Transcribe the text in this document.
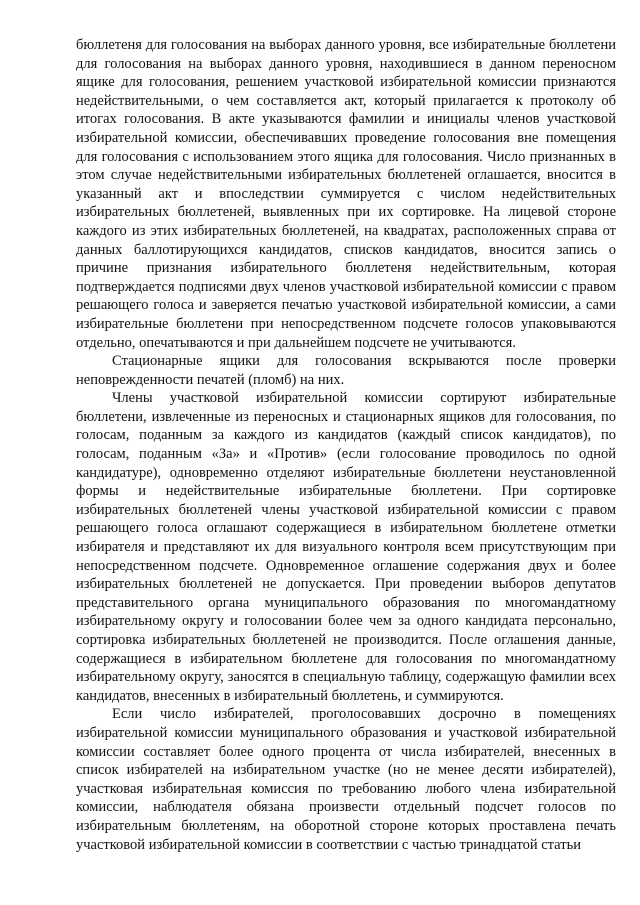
бюллетеня для голосования на выборах данного уровня, все избирательные бюллетени для голосования на выборах данного уровня, находившиеся в данном переносном ящике для голосования, решением участковой избирательной комиссии признаются недействительными, о чем составляется акт, который прилагается к протоколу об итогах голосования. В акте указываются фамилии и инициалы членов участковой избирательной комиссии, обеспечивавших проведение голосования вне помещения для голосования с использованием этого ящика для голосования. Число признанных в этом случае недействительными избирательных бюллетеней оглашается, вносится в указанный акт и впоследствии суммируется с числом недействительных избирательных бюллетеней, выявленных при их сортировке. На лицевой стороне каждого из этих избирательных бюллетеней, на квадратах, расположенных справа от данных баллотирующихся кандидатов, списков кандидатов, вносится запись о причине признания избирательного бюллетеня недействительным, которая подтверждается подписями двух членов участковой избирательной комиссии с правом решающего голоса и заверяется печатью участковой избирательной комиссии, а сами избирательные бюллетени при непосредственном подсчете голосов упаковываются отдельно, опечатываются и при дальнейшем подсчете не учитываются.

Стационарные ящики для голосования вскрываются после проверки неповрежденности печатей (пломб) на них.

Члены участковой избирательной комиссии сортируют избирательные бюллетени, извлеченные из переносных и стационарных ящиков для голосования, по голосам, поданным за каждого из кандидатов (каждый список кандидатов), по голосам, поданным «За» и «Против» (если голосование проводилось по одной кандидатуре), одновременно отделяют избирательные бюллетени неустановленной формы и недействительные избирательные бюллетени. При сортировке избирательных бюллетеней члены участковой избирательной комиссии с правом решающего голоса оглашают содержащиеся в избирательном бюллетене отметки избирателя и представляют их для визуального контроля всем присутствующим при непосредственном подсчете. Одновременное оглашение содержания двух и более избирательных бюллетеней не допускается. При проведении выборов депутатов представительного органа муниципального образования по многомандатному избирательному округу и голосовании более чем за одного кандидата персонально, сортировка избирательных бюллетеней не производится. После оглашения данные, содержащиеся в избирательном бюллетене для голосования по многомандатному избирательному округу, заносятся в специальную таблицу, содержащую фамилии всех кандидатов, внесенных в избирательный бюллетень, и суммируются.

Если число избирателей, проголосовавших досрочно в помещениях избирательной комиссии муниципального образования и участковой избирательной комиссии составляет более одного процента от числа избирателей, внесенных в список избирателей на избирательном участке (но не менее десяти избирателей), участковая избирательная комиссия по требованию любого члена избирательной комиссии, наблюдателя обязана произвести отдельный подсчет голосов по избирательным бюллетеням, на оборотной стороне которых проставлена печать участковой избирательной комиссии в соответствии с частью тринадцатой статьи
